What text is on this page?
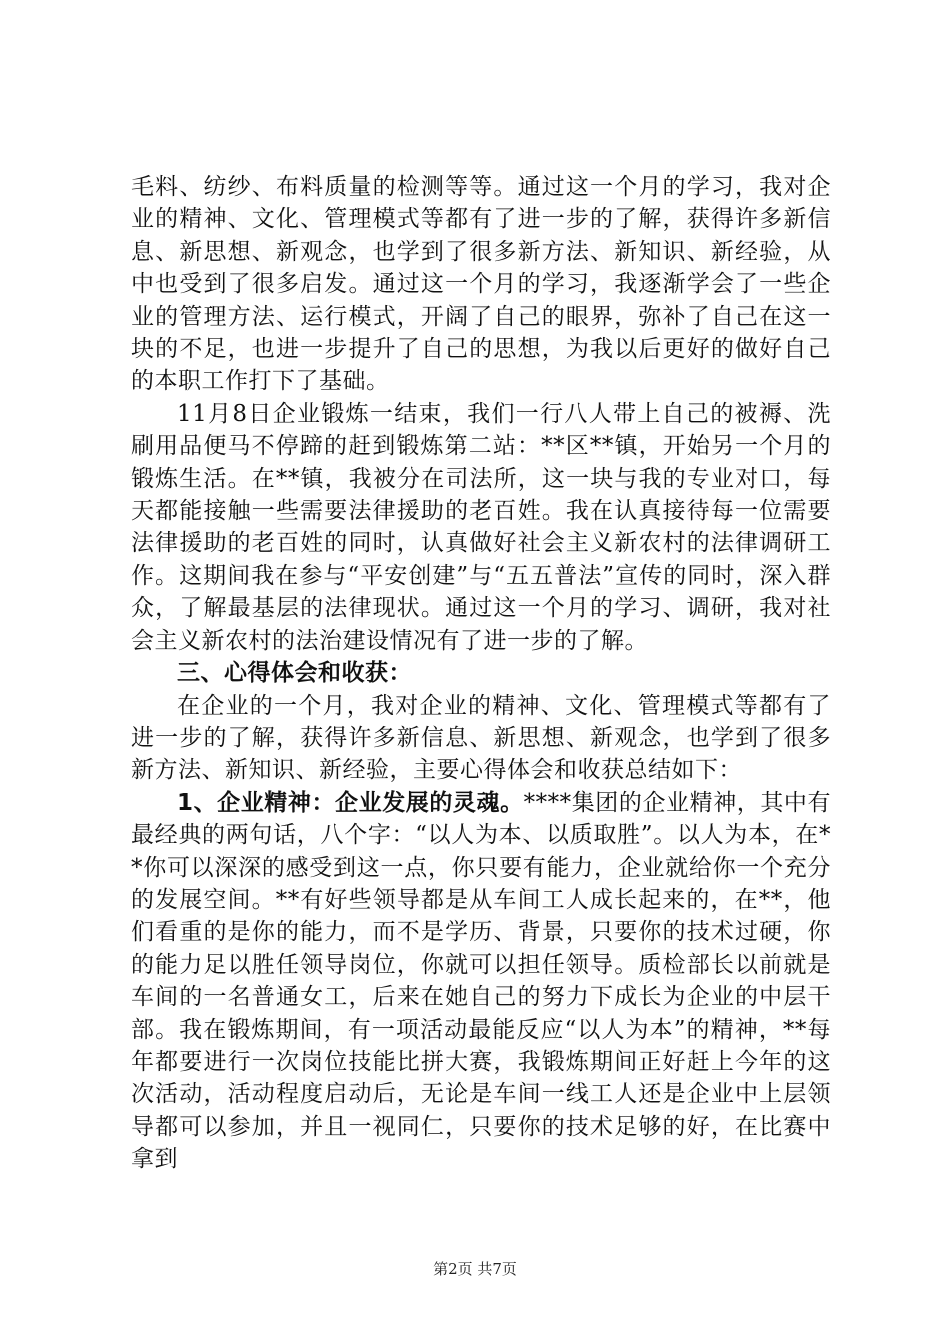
毛料、纺纱、布料质量的检测等等。通过这一个月的学习，我对企业的精神、文化、管理模式等都有了进一步的了解，获得许多新信息、新思想、新观念，也学到了很多新方法、新知识、新经验，从中也受到了很多启发。通过这一个月的学习，我逐渐学会了一些企业的管理方法、运行模式，开阔了自己的眼界，弥补了自己在这一块的不足，也进一步提升了自己的思想，为我以后更好的做好自己的本职工作打下了基础。

11月8日企业锻炼一结束，我们一行八人带上自己的被褥、洗刷用品便马不停蹄的赶到锻炼第二站：**区**镇，开始另一个月的锻炼生活。在**镇，我被分在司法所，这一块与我的专业对口，每天都能接触一些需要法律援助的老百姓。我在认真接待每一位需要法律援助的老百姓的同时，认真做好社会主义新农村的法律调研工作。这期间我在参与“平安创建”与“五五普法”宣传的同时，深入群众，了解最基层的法律现状。通过这一个月的学习、调研，我对社会主义新农村的法治建设情况有了进一步的了解。

三、心得体会和收获：

在企业的一个月，我对企业的精神、文化、管理模式等都有了进一步的了解，获得许多新信息、新思想、新观念，也学到了很多新方法、新知识、新经验，主要心得体会和收获总结如下：

1、企业精神：企业发展的灵魂。****集团的企业精神，其中有最经典的两句话，八个字：“以人为本、以质取胜”。以人为本，在**你可以深深的感受到这一点，你只要有能力，企业就给你一个充分的发展空间。**有好些领导都是从车间工人成长起来的，在**，他们看重的是你的能力，而不是学历、背景，只要你的技术过硬，你的能力足以胜任领导岗位，你就可以担任领导。质检部长以前就是车间的一名普通女工，后来在她自己的努力下成长为企业的中层干部。我在锻炼期间，有一项活动最能反应“以人为本”的精神，**每年都要进行一次岗位技能比拼大赛，我锻炼期间正好赶上今年的这次活动，活动程度启动后，无论是车间一线工人还是企业中上层领导都可以参加，并且一视同仁，只要你的技术足够的好，在比赛中拿到

第2页 共7页
